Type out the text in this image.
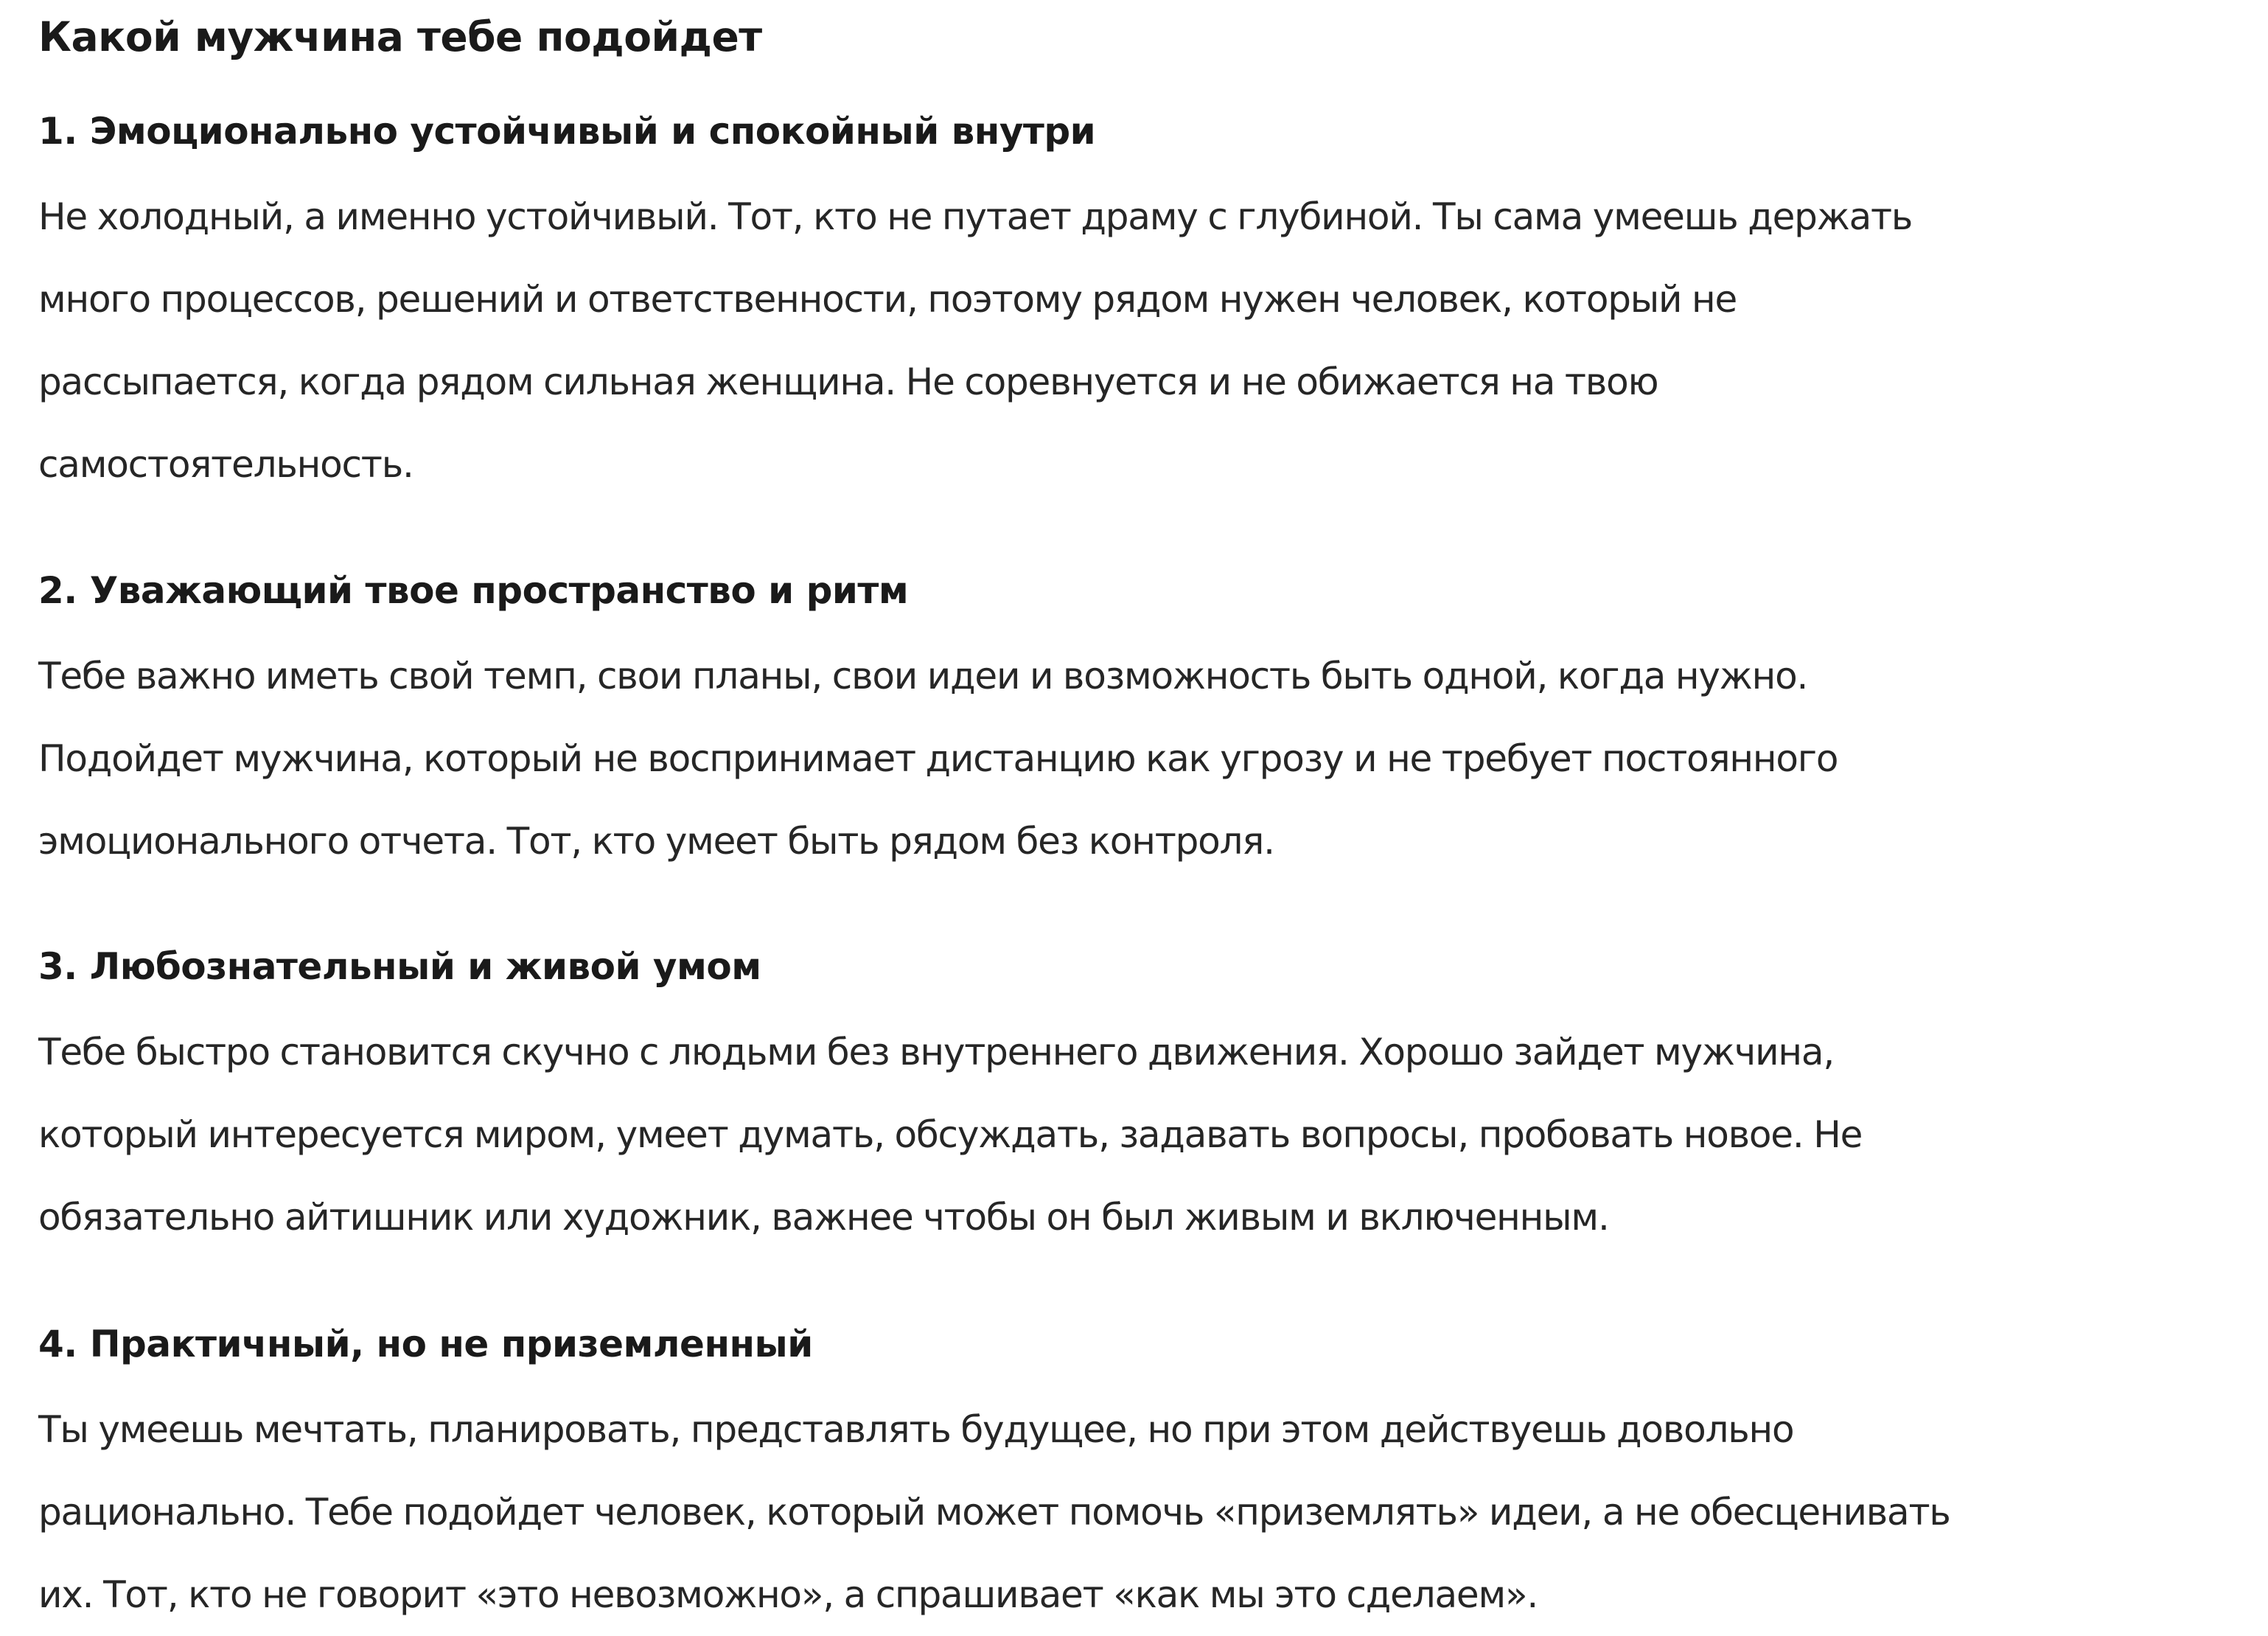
Какой мужчина тебе подойдет
1. Эмоционально устойчивый и спокойный внутри

Не холодный, а именно устойчивый. Тот, кто не путает драму с глубиной. Ты сама умеешь держать
много процессов, решений и ответственности, поэтому рядом нужен человек, который не
рассыпается, когда рядом сильная женщина. Не соревнуется и не обижается на твою
самостоятельность.

2. Уважающий твое пространство и ритм

Тебе важно иметь свой темп, свои планы, свои идеи и возможность быть одной, когда нужно.
Подойдет мужчина, который не воспринимает дистанцию как угрозу и не требует постоянного
эмоционального отчета. Тот, кто умеет быть рядом без контроля.

3. Любознательный и живой умом

Тебе быстро становится скучно с людьми без внутреннего движения. Хорошо зайдет мужчина,
который интересуется миром, умеет думать, обсуждать, задавать вопросы, пробовать новое. Не
обязательно айтишник или художник, важнее чтобы он был живым и включенным.

4. Практичный, но не приземленный

Ты умеешь мечтать, планировать, представлять будущее, но при этом действуешь довольно
рационально. Тебе подойдет человек, который может помочь «приземлять» идеи, а не обесценивать
их. Тот, кто не говорит «это невозможно», а спрашивает «как мы это сделаем».
